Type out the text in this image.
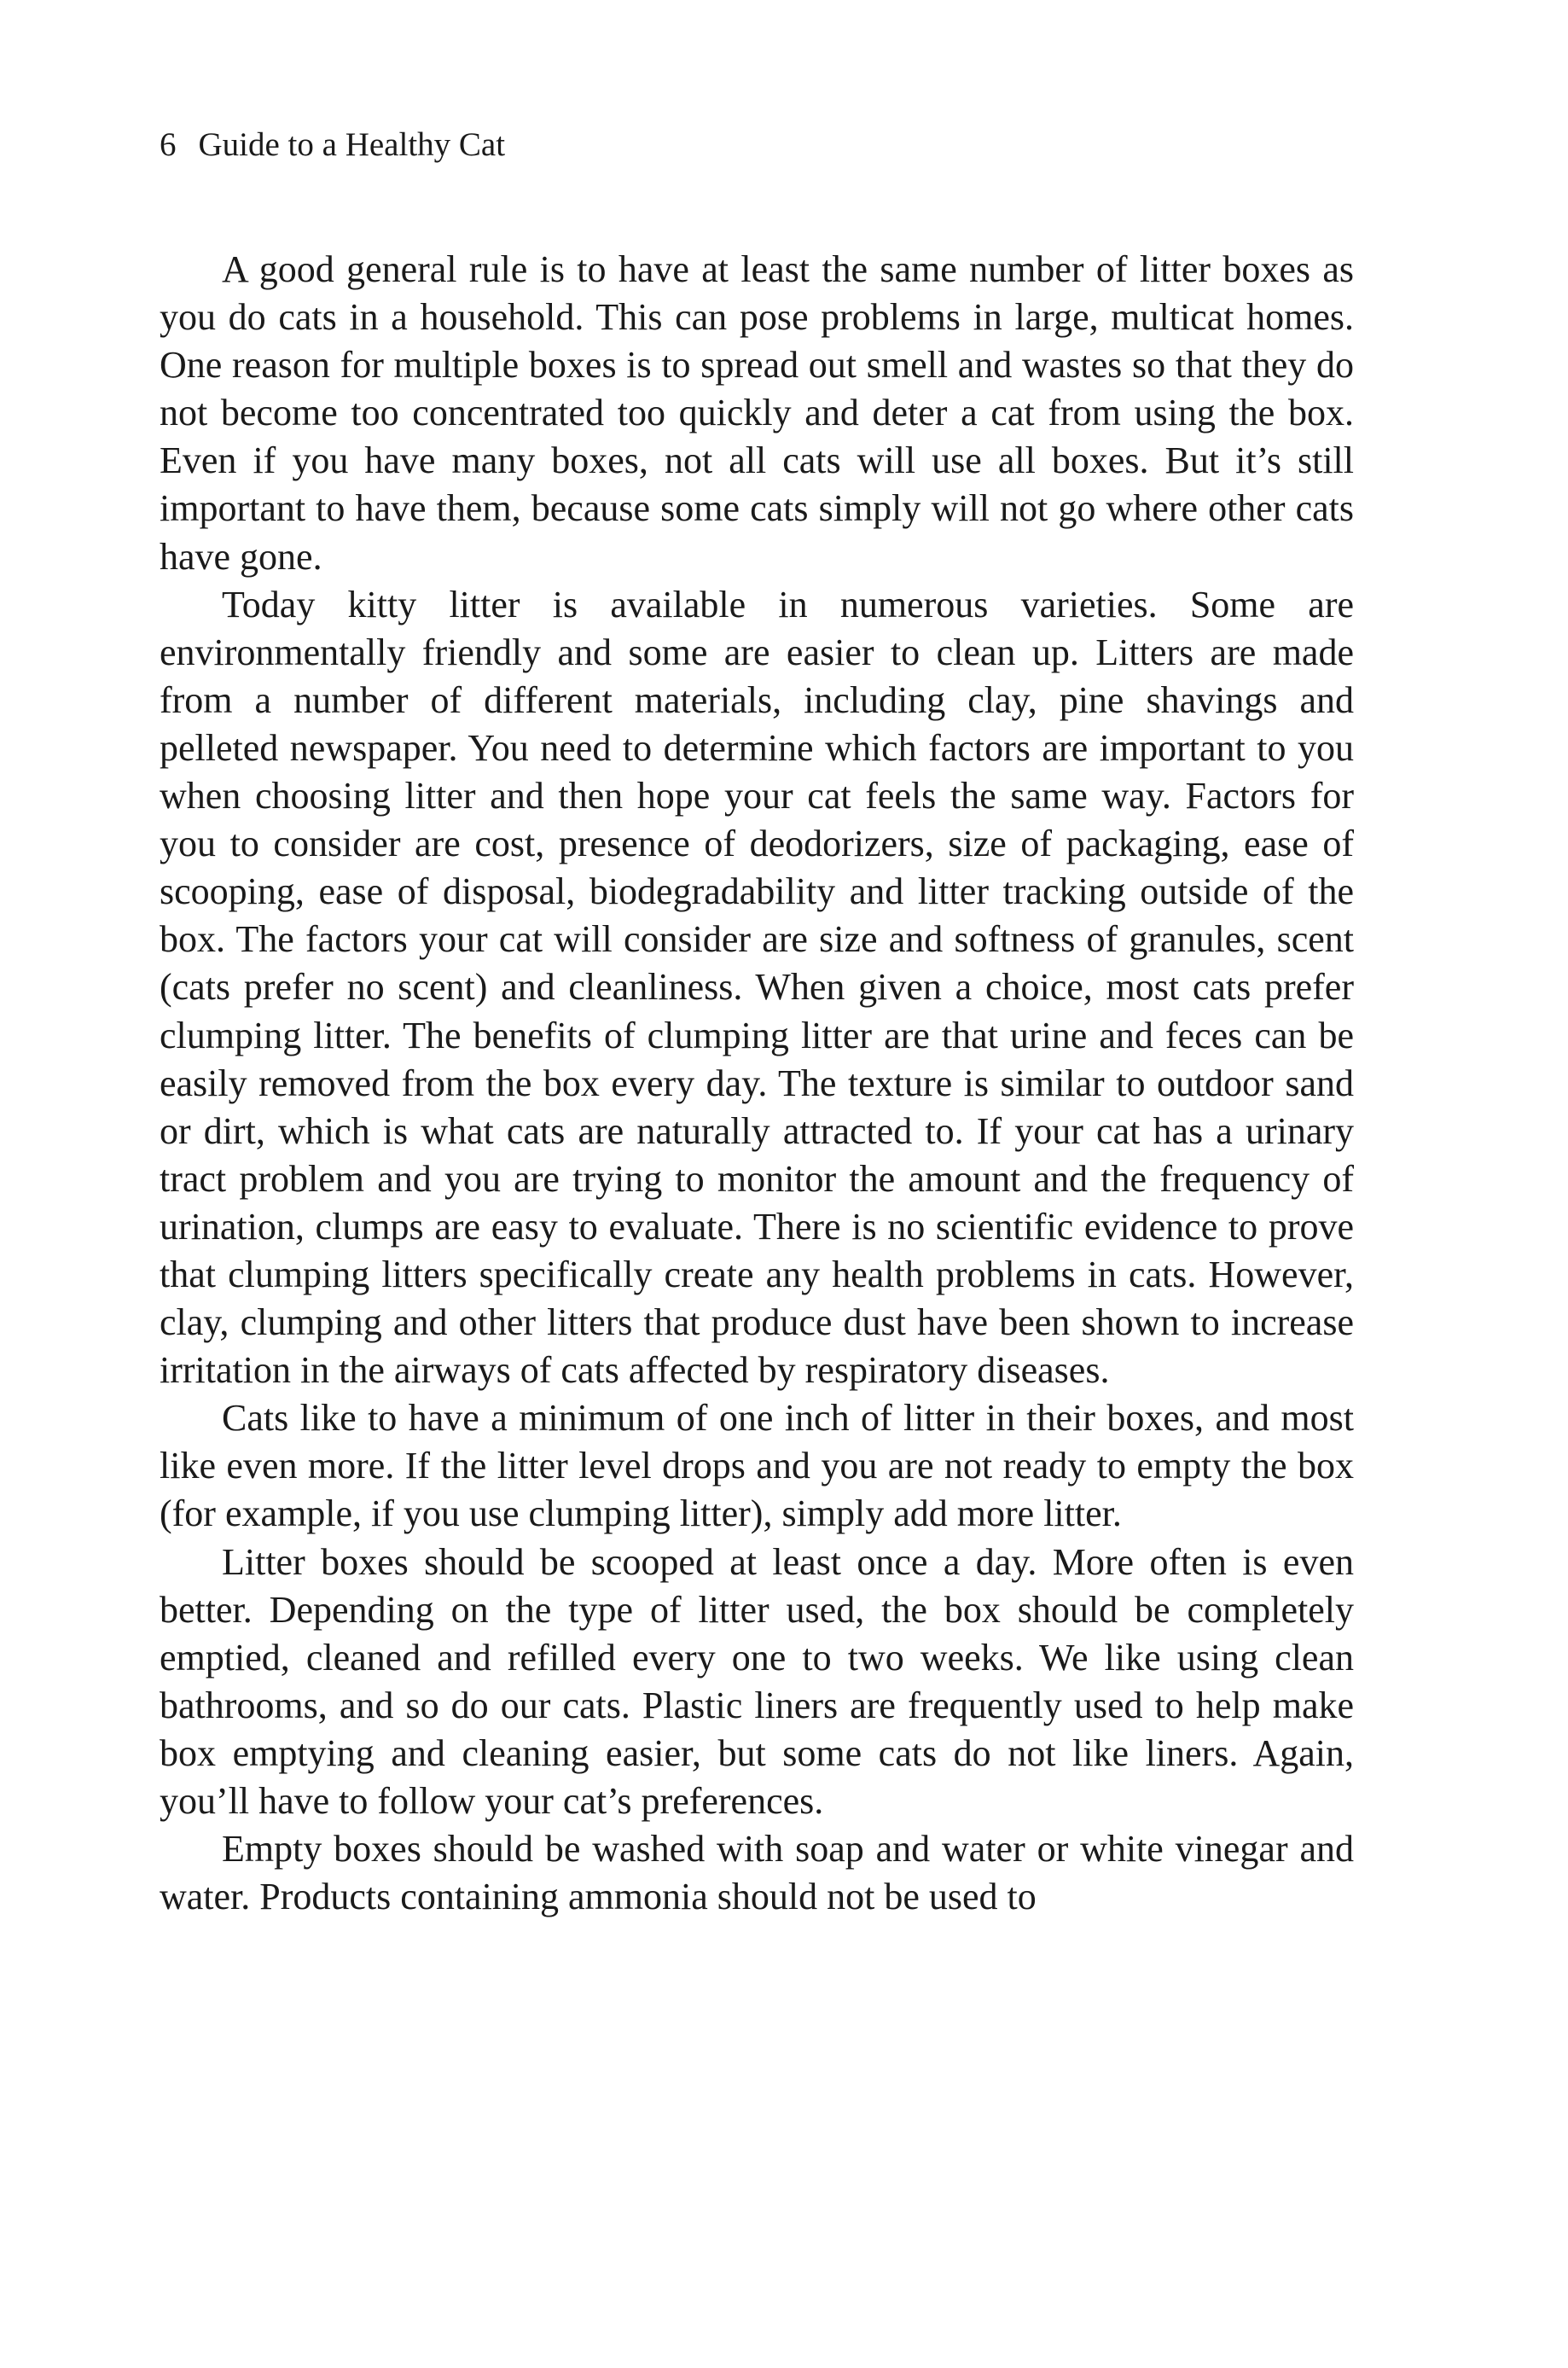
6 Guide to a Healthy Cat

A good general rule is to have at least the same number of litter boxes as you do cats in a household. This can pose problems in large, multicat homes. One reason for multiple boxes is to spread out smell and wastes so that they do not become too concentrated too quickly and deter a cat from using the box. Even if you have many boxes, not all cats will use all boxes. But it’s still important to have them, because some cats simply will not go where other cats have gone.

Today kitty litter is available in numerous varieties. Some are environmentally friendly and some are easier to clean up. Litters are made from a number of different materials, including clay, pine shavings and pelleted newspaper. You need to determine which factors are important to you when choosing litter and then hope your cat feels the same way. Factors for you to consider are cost, presence of deodorizers, size of packaging, ease of scooping, ease of disposal, biodegradability and litter tracking outside of the box. The factors your cat will consider are size and softness of granules, scent (cats prefer no scent) and cleanliness. When given a choice, most cats prefer clumping litter. The benefits of clumping litter are that urine and feces can be easily removed from the box every day. The texture is similar to outdoor sand or dirt, which is what cats are naturally attracted to. If your cat has a urinary tract problem and you are trying to monitor the amount and the frequency of urination, clumps are easy to evaluate. There is no scientific evidence to prove that clumping litters specifically create any health problems in cats. However, clay, clumping and other litters that produce dust have been shown to increase irritation in the airways of cats affected by respiratory diseases.

Cats like to have a minimum of one inch of litter in their boxes, and most like even more. If the litter level drops and you are not ready to empty the box (for example, if you use clumping litter), simply add more litter.

Litter boxes should be scooped at least once a day. More often is even better. Depending on the type of litter used, the box should be completely emptied, cleaned and refilled every one to two weeks. We like using clean bathrooms, and so do our cats. Plastic liners are frequently used to help make box emptying and cleaning easier, but some cats do not like liners. Again, you’ll have to follow your cat’s preferences.

Empty boxes should be washed with soap and water or white vinegar and water. Products containing ammonia should not be used to
